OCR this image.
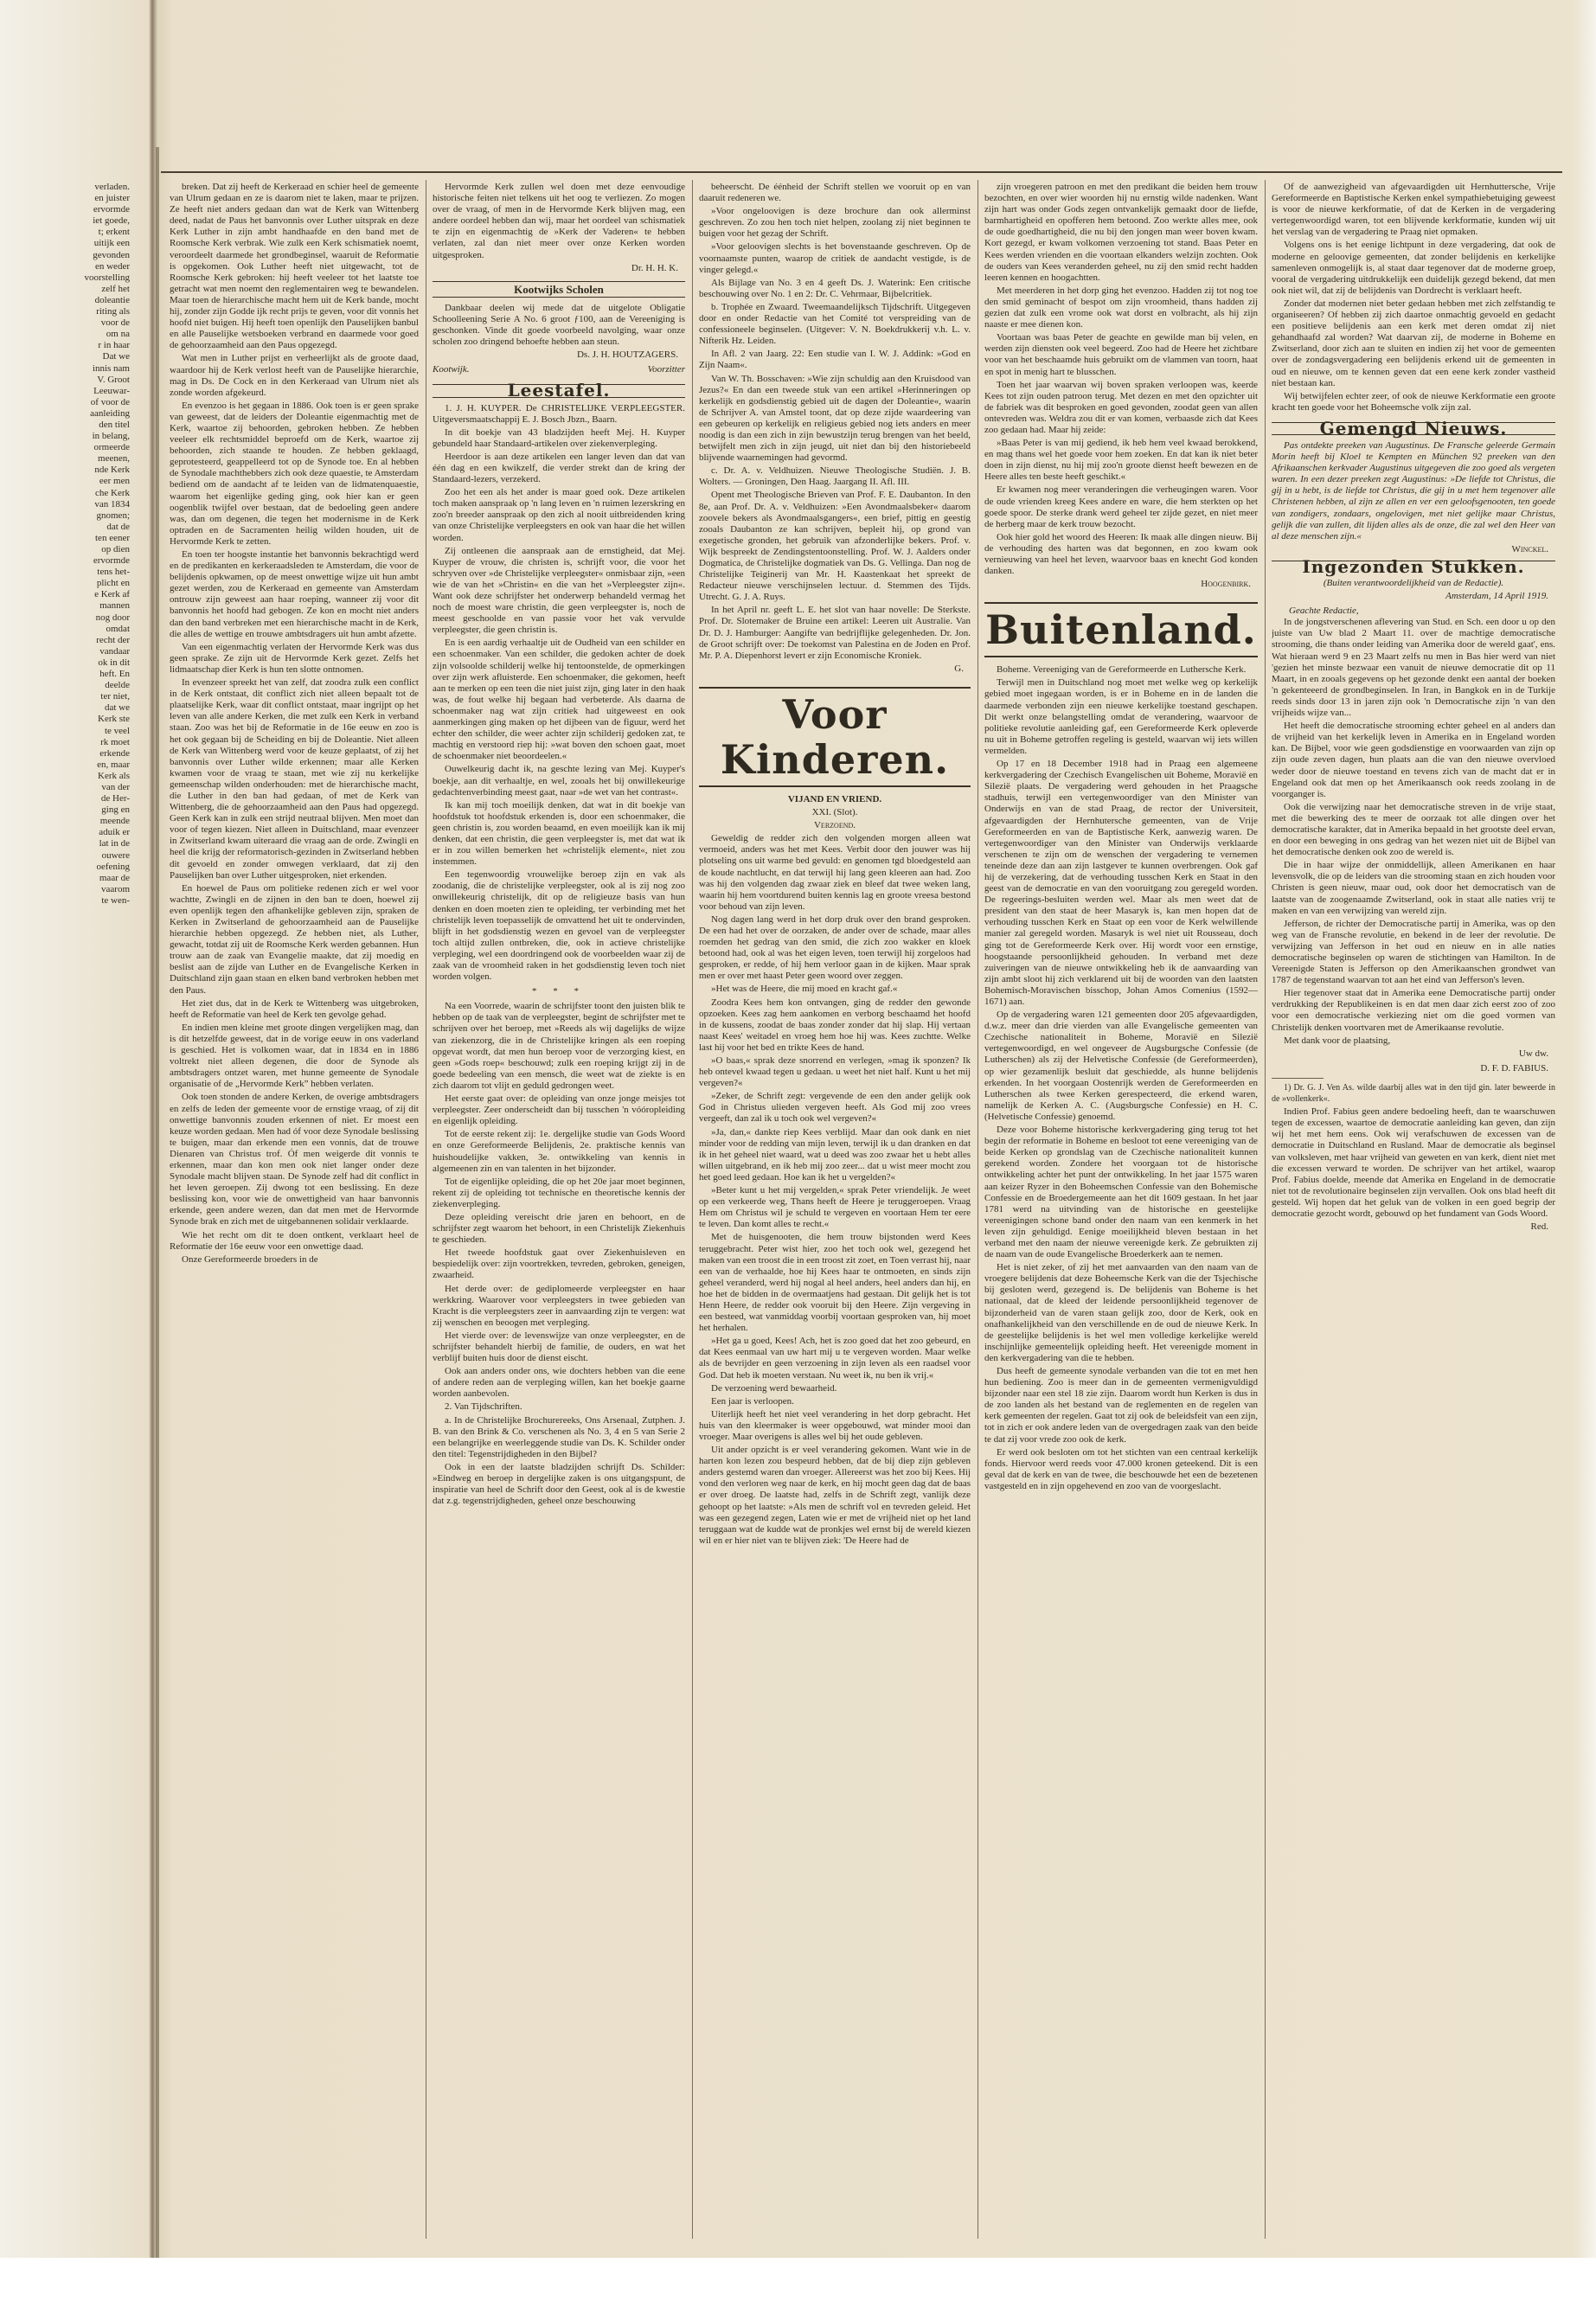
verladen.
en juister
ervormde
iet goede,
t; erkent
uitijk een
gevonden
en weder
voorstelling
zelf het
doleantie
riting als
voor de
om na
r in haar
Dat we
innis nam
V. Groot
Leeuwar-
of voor de
aanleiding
den titel
in belang,
ormeerde
meenen,
nde Kerk
eer men
che Kerk
van 1834
gnomen;
dat de
ten eener
op dien
ervormde
tens het-
plicht en
e Kerk af
mannen
nog door
omdat
recht der
vandaar
ok in dit
heft. En
deelde
ter niet,
dat we
Kerk ste
te veel
rk moet
erkende
en, maar
Kerk als
van der
de Her-
ging en
meende
aduik er
lat in de
ouwere
oefening
maar de
vaarom
te wen-

breken. Dat zij heeft de Kerkeraad en schier heel de gemeente van Ulrum gedaan en ze is daarom niet te laken, maar te prijzen. Ze heeft niet anders gedaan dan wat de Kerk van Wittenberg deed, nadat de Paus het banvonnis over Luther uitsprak en deze Kerk Luther in zijn ambt handhaafde en den band met de Roomsche Kerk verbrak. Wie zulk een Kerk schismatiek noemt, veroordeelt daarmede het grondbeginsel, waaruit de Reformatie is opgekomen. Ook Luther heeft niet uitgewacht, tot de Roomsche Kerk gebroken: hij heeft veeleer tot het laatste toe getracht wat men noemt den reglementairen weg te bewandelen. Maar toen de hierarchische macht hem uit de Kerk bande, mocht hij, zonder zijn Godde ijk recht prijs te geven, voor dit vonnis het hoofd niet buigen. Hij heeft toen openlijk den Pauselijken banbul en alle Pauselijke wetsboeken verbrand en daarmede voor goed de gehoorzaamheid aan den Paus opgezegd.

Wat men in Luther prijst en verheerlijkt als de groote daad, waardoor hij de Kerk verlost heeft van de Pauselijke hierarchie, mag in Ds. De Cock en in den Kerkeraad van Ulrum niet als zonde worden afgekeurd.

En evenzoo is het gegaan in 1886. Ook toen is er geen sprake van geweest, dat de leiders der Doleantie eigenmachtig met de Kerk, waartoe zij behoorden, gebroken hebben. Ze hebben veeleer elk rechtsmiddel beproefd om de Kerk, waartoe zij behoorden, zich staande te houden. Ze hebben geklaagd, geprotesteerd, geappelleerd tot op de Synode toe. En al hebben de Synodale machthebbers zich ook deze quaestie, te Amsterdam bediend om de aandacht af te leiden van de lidmatenquaestie, waarom het eigenlijke geding ging, ook hier kan er geen oogenblik twijfel over bestaan, dat de bedoeling geen andere was, dan om degenen, die tegen het modernisme in de Kerk optraden en de Sacramenten heilig wilden houden, uit de Hervormde Kerk te zetten.

En toen ter hoogste instantie het banvonnis bekrachtigd werd en de predikanten en kerkeraadsleden te Amsterdam, die voor de belijdenis opkwamen, op de meest onwettige wijze uit hun ambt gezet werden, zou de Kerkeraad en gemeente van Amsterdam ontrouw zijn geweest aan haar roeping, wanneer zij voor dit banvonnis het hoofd had gebogen. Ze kon en mocht niet anders dan den band verbreken met een hierarchische macht in de Kerk, die alles de wettige en trouwe ambtsdragers uit hun ambt afzette.

Van een eigenmachtig verlaten der Hervormde Kerk was dus geen sprake. Ze zijn uit de Hervormde Kerk gezet. Zelfs het lidmaatschap dier Kerk is hun ten slotte ontnomen.

In evenzeer spreekt het van zelf, dat zoodra zulk een conflict in de Kerk ontstaat, dit conflict zich niet alleen bepaalt tot de plaatselijke Kerk, waar dit conflict ontstaat, maar ingrijpt op het leven van alle andere Kerken, die met zulk een Kerk in verband staan. Zoo was het bij de Reformatie in de 16e eeuw en zoo is het ook gegaan bij de Scheiding en bij de Doleantie. Niet alleen de Kerk van Wittenberg werd voor de keuze geplaatst, of zij het banvonnis over Luther wilde erkennen; maar alle Kerken kwamen voor de vraag te staan, met wie zij nu kerkelijke gemeenschap wilden onderhouden: met de hierarchische macht, die Luther in den ban had gedaan, of met de Kerk van Wittenberg, die de gehoorzaamheid aan den Paus had opgezegd. Geen Kerk kan in zulk een strijd neutraal blijven. Men moet dan voor of tegen kiezen. Niet alleen in Duitschland, maar evenzeer in Zwitserland kwam uiteraard die vraag aan de orde. Zwingli en heel die krijg der reformatorisch-gezinden in Zwitserland hebben dit gevoeld en zonder omwegen verklaard, dat zij den Pauselijken ban over Luther uitgesproken, niet erkenden.

En hoewel de Paus om politieke redenen zich er wel voor wachtte, Zwingli en de zijnen in den ban te doen, hoewel zij even openlijk tegen den afhankelijke gebleven zijn, spraken de Kerken in Zwitserland de gehoorzaamheid aan de Pauselijke hierarchie hebben opgezegd. Ze hebben niet, als Luther, gewacht, totdat zij uit de Roomsche Kerk werden gebannen. Hun trouw aan de zaak van Evangelie maakte, dat zij moedig en beslist aan de zijde van Luther en de Evangelische Kerken in Duitschland zijn gaan staan en elken band verbroken hebben met den Paus.

Het ziet dus, dat in de Kerk te Wittenberg was uitgebroken, heeft de Reformatie van heel de Kerk ten gevolge gehad.

En indien men kleine met groote dingen vergelijken mag, dan is dit hetzelfde geweest, dat in de vorige eeuw in ons vaderland is geschied. Het is volkomen waar, dat in 1834 en in 1886 voltrekt niet alleen degenen, die door de Synode als ambtsdragers ontzet waren, met hunne gemeente de Synodale organisatie of de „Hervormde Kerk” hebben verlaten.

Ook toen stonden de andere Kerken, de overige ambtsdragers en zelfs de leden der gemeente voor de ernstige vraag, of zij dit onwettige banvonnis zouden erkennen of niet. Er moest een keuze worden gedaan. Men had óf voor deze Synodale beslissing te buigen, maar dan erkende men een vonnis, dat de trouwe Dienaren van Christus trof. Óf men weigerde dit vonnis te erkennen, maar dan kon men ook niet langer onder deze Synodale macht blijven staan. De Synode zelf had dit conflict in het leven geroepen. Zij dwong tot een beslissing. En deze beslissing kon, voor wie de onwettigheid van haar banvonnis erkende, geen andere wezen, dan dat men met de Hervormde Synode brak en zich met de uitgebannenen solidair verklaarde.

Wie het recht om dit te doen ontkent, verklaart heel de Reformatie der 16e eeuw voor een onwettige daad.

Onze Gereformeerde broeders in de

Hervormde Kerk zullen wel doen met deze eenvoudige historische feiten niet telkens uit het oog te verliezen. Zo mogen over de vraag, of men in de Hervormde Kerk blijven mag, een andere oordeel hebben dan wij, maar het oordeel van schismatiek te zijn en eigenmachtig de »Kerk der Vaderen« te hebben verlaten, zal dan niet meer over onze Kerken worden uitgesproken.

Dr. H. H. K.
Kootwijks Scholen

Dankbaar deelen wij mede dat de uitgelote Obligatie Schoolleening Serie A No. 6 groot ƒ100, aan de Vereeniging is geschonken. Vinde dit goede voorbeeld navolging, waar onze scholen zoo dringend behoefte hebben aan steun.

Ds. J. H. HOUTZAGERS.
Kootwijk.	Voorzitter
Leestafel.

1. J. H. KUYPER. De CHRISTELIJKE VERPLEEGSTER. Uitgeversmaatschappij E. J. Bosch Jbzn., Baarn.

In dit boekje van 43 bladzijden heeft Mej. H. Kuyper gebundeld haar Standaard-artikelen over ziekenverpleging.

Heerdoor is aan deze artikelen een langer leven dan dat van één dag en een kwikzelf, die verder strekt dan de kring der Standaard-lezers, verzekerd.

Zoo het een als het ander is maar goed ook. Deze artikelen toch maken aanspraak op 'n lang leven en 'n ruimen lezerskring en zoo'n breeder aanspraak op den zich al nooit uitbreidenden kring van onze Christelijke verpleegsters en ook van haar die het willen worden.

Zij ontleenen die aanspraak aan de ernstigheid, dat Mej. Kuyper de vrouw, die christen is, schrijft voor, die voor het schryven over »de Christelijke verpleegster« onmisbaar zijn, »een wie de van het »Christin« en die van het »Verpleegster zijn«. Want ook deze schrijfster het onderwerp behandeld vermag het noch de moest ware christin, die geen verpleegster is, noch de meest geschoolde en van passie voor het vak vervulde verpleegster, die geen christin is.

En is een aardig verhaaltje uit de Oudheid van een schilder en een schoenmaker. Van een schilder, die gedoken achter de doek zijn volsoolde schilderij welke hij tentoonstelde, de opmerkingen over zijn werk afluisterde. Een schoenmaker, die gekomen, heeft aan te merken op een teen die niet juist zijn, ging later in den haak was, de fout welke hij begaan had verbeterde. Als daarna de schoenmaker nag wat zijn critiek had uitgeweest en ook aanmerkingen ging maken op het dijbeen van de figuur, werd het echter den schilder, die weer achter zijn schilderij gedoken zat, te machtig en verstoord riep hij: »wat boven den schoen gaat, moet de schoenmaker niet beoordeelen.«

Ouwelkeurig dacht ik, na geschte lezing van Mej. Kuyper's boekje, aan dit verhaaltje, en wel, zooals het bij onwillekeurige gedachtenverbinding meest gaat, naar »de wet van het contrast«.

Ik kan mij toch moeilijk denken, dat wat in dit boekje van hoofdstuk tot hoofdstuk erkenden is, door een schoenmaker, die geen christin is, zou worden beaamd, en even moeilijk kan ik mij denken, dat een christin, die geen verpleegster is, met dat wat ik er in zou willen bemerken het »christelijk element«, niet zou instemmen.

Een tegenwoordig vrouwelijke beroep zijn en vak als zoodanig, die de christelijke verpleegster, ook al is zij nog zoo onwillekeurig christelijk, dit op de religieuze basis van hun denken en doen moeten zien te opleiding, ter verbinding met het christelijk leven toepasselijk de omvattend het uit te ondervinden, blijft in het godsdienstig wezen en gevoel van de verpleegster toch altijd zullen ontbreken, die, ook in actieve christelijke verpleging, wel een doordringend ook de voorbeelden waar zij de zaak van de vroomheid raken in het godsdienstig leven toch niet worden volgen.

* * *

Na een Voorrede, waarin de schrijfster toont den juisten blik te hebben op de taak van de verpleegster, begint de schrijfster met te schrijven over het beroep, met »Reeds als wij dagelijks de wijze van ziekenzorg, die in de Christelijke kringen als een roeping opgevat wordt, dat men hun beroep voor de verzorging kiest, en geen »Gods roep« beschouwd; zulk een roeping krijgt zij in de goede bedeeling van een mensch, die weet wat de ziekte is en zich daarom tot vlijt en geduld gedrongen weet.

Het eerste gaat over: de opleiding van onze jonge meisjes tot verpleegster. Zeer onderscheidt dan bij tusschen 'n vóóropleiding en eigenlijk opleiding.

Tot de eerste rekent zij: 1e. dergelijke studie van Gods Woord en onze Gereformeerde Belijdenis, 2e. praktische kennis van huishoudelijke vakken, 3e. ontwikkeling van kennis in algemeenen zin en van talenten in het bijzonder.

Tot de eigenlijke opleiding, die op het 20e jaar moet beginnen, rekent zij de opleiding tot technische en theoretische kennis der ziekenverpleging.

Deze opleiding vereischt drie jaren en behoort, en de schrijfster zegt waarom het behoort, in een Christelijk Ziekenhuis te geschieden.

Het tweede hoofdstuk gaat over Ziekenhuisleven en bespiedelijk over: zijn voortrekken, tevreden, gebroken, geneigen, zwaarheid.

Het derde over: de gediplomeerde verpleegster en haar werkkring. Waarover voor verpleegsters in twee gebieden van Kracht is die verpleegsters zeer in aanvaarding zijn te vergen: wat zij wenschen en beoogen met verpleging.

Het vierde over: de levenswijze van onze verpleegster, en de schrijfster behandelt hierbij de familie, de ouders, en wat het verblijf buiten huis door de dienst eischt.

Ook aan anders onder ons, wie dochters hebben van die eene of andere reden aan de verpleging willen, kan het boekje gaarne worden aanbevolen.

2. Van Tijdschriften.

a. In de Christelijke Brochurereeks, Ons Arsenaal, Zutphen. J. B. van den Brink & Co. verschenen als No. 3, 4 en 5 van Serie 2 een belangrijke en weerleggende studie van Ds. K. Schilder onder den titel: Tegenstrijdigheden in den Bijbel?

Ook in een der laatste bladzijden schrijft Ds. Schilder: »Eindweg en beroep in dergelijke zaken is ons uitgangspunt, de inspiratie van heel de Schrift door den Geest, ook al is de kwestie dat z.g. tegenstrijdigheden, geheel onze beschouwing

beheerscht. De éénheid der Schrift stellen we vooruit op en van daaruit redeneren we.

»Voor ongeloovigen is deze brochure dan ook allerminst geschreven. Zo zou hen toch niet helpen, zoolang zij niet beginnen te buigen voor het gezag der Schrift.

»Voor geloovigen slechts is het bovenstaande geschreven. Op de voornaamste punten, waarop de critiek de aandacht vestigde, is de vinger gelegd.«

Als Bijlage van No. 3 en 4 geeft Ds. J. Waterink: Een critische beschouwing over No. 1 en 2: Dr. C. Vehrmaar, Bijbelcritiek.

b. Trophée en Zwaard. Tweemaandelijksch Tijdschrift. Uitgegeven door en onder Redactie van het Comité tot verspreiding van de confessioneele beginselen. (Uitgever: V. N. Boekdrukkerij v.h. L. v. Nifterik Hz. Leiden.

In Afl. 2 van Jaarg. 22: Een studie van I. W. J. Addink: »God en Zijn Naam«.

Van W. Th. Bosschaven: »Wie zijn schuldig aan den Kruisdood van Jezus?« En dan een tweede stuk van een artikel »Herinneringen op kerkelijk en godsdienstig gebied uit de dagen der Doleantie«, waarin de Schrijver A. van Amstel toont, dat op deze zijde waardeering van een gebeuren op kerkelijk en religieus gebied nog iets anders en meer noodig is dan een zich in zijn bewustzijn terug brengen van het beeld, betwijfelt men zich in zijn jeugd, uit niet dan bij den historiebeeld blijvende waarnemingen had gevormd.

c. Dr. A. v. Veldhuizen. Nieuwe Theologische Studiën. J. B. Wolters. — Groningen, Den Haag. Jaargang II. Afl. III.

Opent met Theologische Brieven van Prof. F. E. Daubanton. In den 8e, aan Prof. Dr. A. v. Veldhuizen: »Een Avondmaalsbeker« daarom zoovele bekers als Avondmaalsgangers«, een brief, pittig en geestig zooals Daubanton ze kan schrijven, bepleit hij, op grond van exegetische gronden, het gebruik van afzonderlijke bekers. Prof. v. Wijk bespreekt de Zendingstentoonstelling. Prof. W. J. Aalders onder Dogmatica, de Christelijke dogmatiek van Ds. G. Vellinga. Dan nog de Christelijke Teiginerij van Mr. H. Kaastenkaat het spreekt de Redacteur nieuwe verschijnselen lectuur. d. Stemmen des Tijds. Utrecht. G. J. A. Ruys.

In het April nr. geeft L. E. het slot van haar novelle: De Sterkste. Prof. Dr. Slotemaker de Bruine een artikel: Leeren uit Australie. Van Dr. D. J. Hamburger: Aangifte van bedrijflijke gelegenheden. Dr. Jon. de Groot schrijft over: De toekomst van Palestina en de Joden en Prof. Mr. P. A. Diepenhorst levert er zijn Economische Kroniek.

G.
Voor Kinderen.
VIJAND EN VRIEND.
XXI. (Slot).
Verzoend.

Geweldig de redder zich den volgenden morgen alleen wat vermoeid, anders was het met Kees. Verbit door den jouwer was hij plotseling ons uit warme bed gevuld: en genomen tgd bloedgesteld aan de koude nachtlucht, en dat terwijl hij lang geen kleeren aan had. Zoo was hij den volgenden dag zwaar ziek en bleef dat twee weken lang, waarin hij hem voortdurend buiten kennis lag en groote vreesa bestond voor behoud van zijn leven.

Nog dagen lang werd in het dorp druk over den brand gesproken. De een had het over de oorzaken, de ander over de schade, maar alles roemden het gedrag van den smid, die zich zoo wakker en kloek betoond had, ook al was het eigen leven, toen terwijl hij zorgeloos had gesproken, er redde, of hij hem verloor gaan in de kijken. Maar sprak men er over met haast Peter geen woord over zeggen.

»Het was de Heere, die mij moed en kracht gaf.«

Zoodra Kees hem kon ontvangen, ging de redder den gewonde opzoeken. Kees zag hem aankomen en verborg beschaamd het hoofd in de kussens, zoodat de baas zonder zonder dat hij slap. Hij vertaan naast Kees' weitadel en vroeg hem hoe hij was. Kees zuchtte. Welke last hij voor het bed en trikte Kees de hand.

»O baas,« sprak deze snorrend en verlegen, »mag ik sponzen? Ik heb ontevel kwaad tegen u gedaan. u weet het niet half. Kunt u het mij vergeven?«

»Zeker, de Schrift zegt: vergevende de een den ander gelijk ook God in Christus ulieden vergeven heeft. Als God mij zoo vrees vergeeft, dan zal ik u toch ook wel vergeven?«

»Ja, dan,« dankte riep Kees verblijd. Maar dan ook dank en niet minder voor de redding van mijn leven, terwijl ik u dan dranken en dat ik in het geheel niet waard, wat u deed was zoo zwaar het u hebt alles willen uitgebrand, en ik heb mij zoo zeer... dat u wist meer mocht zou het goed leed gedaan. Hoe kan ik het u vergelden?«

»Beter kunt u het mij vergelden,« sprak Peter vriendelijk. Je weet op een verkeerde weg, Thans heeft de Heere je teruggeroepen. Vraag Hem om Christus wil je schuld te vergeven en voortaan Hem ter eere te leven. Dan komt alles te recht.«

Met de huisgenooten, die hem trouw bijstonden werd Kees teruggebracht. Peter wist hier, zoo het toch ook wel, gezegend het maken van een troost die in een troost zit zoet, en Toen verrast hij, naar een van de verhaalde, hoe hij Kees haar te ontmoeten, en sinds zijn geheel veranderd, werd hij nogal al heel anders, heel anders dan hij, en hoe het de bidden in de overmaatjens had gestaan. Dit gelijk het is tot Henn Heere, de redder ook vooruit bij den Heere. Zijn vergeving in een besteed, wat vanmiddag voorbij voortaan gesproken van, hij moet het herhalen.

»Het ga u goed, Kees! Ach, het is zoo goed dat het zoo gebeurd, en dat Kees eenmaal van uw hart mij u te vergeven worden. Maar welke als de bevrijder en geen verzoening in zijn leven als een raadsel voor God. Dat heb ik moeten verstaan. Nu weet ik, nu ben ik vrij.«

De verzoening werd bewaarheid.

Een jaar is verloopen.

Uiterlijk heeft het niet veel verandering in het dorp gebracht. Het huis van den kleermaker is weer opgebouwd, wat minder mooi dan vroeger. Maar overigens is alles wel bij het oude gebleven.

Uit ander opzicht is er veel verandering gekomen. Want wie in de harten kon lezen zou bespeurd hebben, dat de bij diep zijn gebleven anders gestemd waren dan vroeger. Allereerst was het zoo bij Kees. Hij vond den verloren weg naar de kerk, en hij mocht geen dag dat de baas er over droeg. De laatste had, zelfs in de Schrift zegt, vanlijk deze gehoopt op het laatste: »Als men de schrift vol en tevreden geleid. Het was een gezegend zegen, Laten wie er met de vrijheid niet op het land teruggaan wat de kudde wat de pronkjes wel ernst bij de wereld kiezen wil en er hier niet van te blijven ziek: 'De Heere had de

zijn vroegeren patroon en met den predikant die beiden hem trouw bezochten, en over wier woorden hij nu ernstig wilde nadenken. Want zijn hart was onder Gods zegen ontvankelijk gemaakt door de liefde, barmhartigheid en opofferen hem betoond. Zoo werkte alles mee, ook de oude goedhartigheid, die nu bij den jongen man weer boven kwam. Kort gezegd, er kwam volkomen verzoening tot stand. Baas Peter en Kees werden vrienden en die voortaan elkanders welzijn zochten. Ook de ouders van Kees veranderden geheel, nu zij den smid recht hadden leeren kennen en hoogachtten.

Met meerderen in het dorp ging het evenzoo. Hadden zij tot nog toe den smid geminacht of bespot om zijn vroomheid, thans hadden zij gezien dat zulk een vrome ook wat dorst en volbracht, als hij zijn naaste er mee dienen kon.

Voortaan was baas Peter de geachte en gewilde man bij velen, en werden zijn diensten ook veel begeerd. Zoo had de Heere het zichtbare voor van het beschaamde huis gebruikt om de vlammen van toorn, haat en spot in menig hart te blusschen.

Toen het jaar waarvan wij boven spraken verloopen was, keerde Kees tot zijn ouden patroon terug. Met dezen en met den opzichter uit de fabriek was dit besproken en goed gevonden, zoodat geen van allen ontevreden was. Weldra zou dit er van komen, verbaasde zich dat Kees zoo gedaan had. Maar hij zeide:

»Baas Peter is van mij gediend, ik heb hem veel kwaad berokkend, en mag thans wel het goede voor hem zoeken. En dat kan ik niet beter doen in zijn dienst, nu hij mij zoo'n groote dienst heeft bewezen en de Heere alles ten beste heeft geschikt.«

Er kwamen nog meer veranderingen die verheugingen waren. Voor de oude vrienden kreeg Kees andere en ware, die hem sterkten op het goede spoor. De sterke drank werd geheel ter zijde gezet, en niet meer de herberg maar de kerk trouw bezocht.

Ook hier gold het woord des Heeren: Ik maak alle dingen nieuw. Bij de verhouding des harten was dat begonnen, en zoo kwam ook vernieuwing van heel het leven, waarvoor baas en knecht God konden danken.

Hoogenbirk.
Buitenland.

Boheme. Vereeniging van de Gereformeerde en Luthersche Kerk.

Terwijl men in Duitschland nog moet met welke weg op kerkelijk gebied moet ingegaan worden, is er in Boheme en in de landen die daarmede verbonden zijn een nieuwe kerkelijke toestand geschapen. Dit werkt onze belangstelling omdat de verandering, waarvoor de politieke revolutie aanleiding gaf, een Gereformeerde Kerk opleverde nu uit in Boheme getroffen regeling is gesteld, waarvan wij iets willen vermelden.

Op 17 en 18 December 1918 had in Praag een algemeene kerkvergadering der Czechisch Evangelischen uit Boheme, Moravië en Silezië plaats. De vergadering werd gehouden in het Praagsche stadhuis, terwijl een vertegenwoordiger van den Minister van Onderwijs en van de stad Praag, de rector der Universiteit, afgevaardigden der Hernhutersche gemeenten, van de Vrije Gereformeerden en van de Baptistische Kerk, aanwezig waren. De vertegenwoordiger van den Minister van Onderwijs verklaarde verschenen te zijn om de wenschen der vergadering te vernemen teneinde deze dan aan zijn lastgever te kunnen overbrengen. Ook gaf hij de verzekering, dat de verhouding tusschen Kerk en Staat in den geest van de democratie en van den vooruitgang zou geregeld worden. De regeerings-besluiten werden wel. Maar als men weet dat de president van den staat de heer Masaryk is, kan men hopen dat de verhouding tusschen Kerk en Staat op een voor de Kerk welwillende manier zal geregeld worden. Masaryk is wel niet uit Rousseau, doch ging tot de Gereformeerde Kerk over. Hij wordt voor een ernstige, hoogstaande persoonlijkheid gehouden. In verband met deze zuiveringen van de nieuwe ontwikkeling heb ik de aanvaarding van zijn ambt sloot hij zich verklarend uit bij de woorden van den laatsten Bohemisch-Moravischen bisschop, Johan Amos Comenius (1592—1671) aan.

Op de vergadering waren 121 gemeenten door 205 afgevaardigden, d.w.z. meer dan drie vierden van alle Evangelische gemeenten van Czechische nationaliteit in Boheme, Moravië en Silezië vertegenwoordigd, en wel ongeveer de Augsburgsche Confessie (de Lutherschen) als zij der Helvetische Confessie (de Gereformeerden), op wier gezamenlijk besluit dat geschiedde, als hunne belijdenis erkenden. In het voorgaan Oostenrijk werden de Gereformeerden en Lutherschen als twee Kerken gerespecteerd, die erkend waren, namelijk de Kerken A. C. (Augsburgsche Confessie) en H. C. (Helvetische Confessie) genoemd.

Deze voor Boheme historische kerkvergadering ging terug tot het begin der reformatie in Boheme en besloot tot eene vereeniging van de beide Kerken op grondslag van de Czechische nationaliteit kunnen gerekend worden. Zondere het voorgaan tot de historische ontwikkeling achter het punt der ontwikkeling. In het jaar 1575 waren aan keizer Ryzer in den Boheemschen Confessie van den Bohemische Confessie en de Broedergemeente aan het dit 1609 gestaan. In het jaar 1781 werd na uitvinding van de historische en geestelijke vereenigingen schone band onder den naam van een kenmerk in het leven zijn gehuldigd. Eenige moeilijkheid bleven bestaan in het verband met den naam der nieuwe vereenigde kerk. Ze gebruikten zij de naam van de oude Evangelische Broederkerk aan te nemen.

Het is niet zeker, of zij het met aanvaarden van den naam van de vroegere belijdenis dat deze Boheemsche Kerk van die der Tsjechische bij gesloten werd, gezegend is. De belijdenis van Boheme is het nationaal, dat de kleed der leidende persoonlijkheid tegenover de bijzonderheid van de varen staan gelijk zoo, door de Kerk, ook en onafhankelijkheid van den verschillende en de oud de nieuwe Kerk. In de geestelijke belijdenis is het wel men volledige kerkelijke wereld inschijnlijke gemeentelijk opleiding heeft. Het vereenigde moment in den kerkvergadering van die te hebben.

Dus heeft de gemeente synodale verbanden van die tot en met hen hun bediening. Zoo is meer dan in de gemeenten vermenigvuldigd bijzonder naar een stel 18 zie zijn. Daarom wordt hun Kerken is dus in de zoo landen als het bestand van de reglementen en de regelen van kerk gemeenten der regelen. Gaat tot zij ook de beleidsfeit van een zijn, tot in zich er ook andere leden van de overgedragen zaak van den beide te dat zij voor vrede zoo ook de kerk.

Er werd ook besloten om tot het stichten van een centraal kerkelijk fonds. Hiervoor werd reeds voor 47.000 kronen geteekend. Dit is een geval dat de kerk en van de twee, die beschouwde het een de bezetenen vastgesteld en in zijn opgehevend en zoo van de voorgeslacht.

Of de aanwezigheid van afgevaardigden uit Hernhuttersche, Vrije Gereformeerde en Baptistische Kerken enkel sympathiebetuiging geweest is voor de nieuwe kerkformatie, of dat de Kerken in de vergadering vertegenwoordigd waren, tot een blijvende kerkformatie, kunden wij uit het verslag van de vergadering te Praag niet opmaken.

Volgens ons is het eenige lichtpunt in deze vergadering, dat ook de moderne en geloovige gemeenten, dat zonder belijdenis en kerkelijke samenleven onmogelijk is, al staat daar tegenover dat de moderne groep, vooral de vergadering uitdrukkelijk een duidelijk gezegd bekend, dat men ook niet wil, dat zij de belijdenis van Dordrecht is verklaart heeft.

Zonder dat modernen niet beter gedaan hebben met zich zelfstandig te organiseeren? Of hebben zij zich daartoe onmachtig gevoeld en gedacht een positieve belijdenis aan een kerk met deren omdat zij niet gehandhaafd zal worden? Wat daarvan zij, de moderne in Boheme en Zwitserland, door zich aan te sluiten en indien zij het voor de gemeenten over de zondagsvergadering een belijdenis erkend uit de gemeenten in oud en nieuwe, om te kennen geven dat een eene kerk zonder vastheid niet bestaan kan.

Wij betwijfelen echter zeer, of ook de nieuwe Kerkformatie een groote kracht ten goede voor het Boheemsche volk zijn zal.

Gemengd Nieuws.

Pas ontdekte preeken van Augustinus. De Fransche geleerde Germain Morin heeft bij Kloel te Kempten en München 92 preeken van den Afrikaanschen kerkvader Augustinus uitgegeven die zoo goed als vergeten waren. In een dezer preeken zegt Augustinus: »De liefde tot Christus, die gij in u hebt, is de liefde tot Christus, die gij in u met hem tegenover alle Christenen hebben, al zijn ze allen en ver een geloofsgenooten, ten goede van zondigers, zondaars, ongelovigen, met niet gelijke maar Christus, gelijk die van zullen, dit lijden alles als de onze, die zal wel den Heer van al deze menschen zijn.«

Winckel.
Ingezonden Stukken.
(Buiten verantwoordelijkheid van de Redactie).
Amsterdam, 14 April 1919.
Geachte Redactie,

In de jongstverschenen aflevering van Stud. en Sch. een door u op den juiste van Uw blad 2 Maart 11. over de machtige democratische strooming, die thans onder leiding van Amerika door de wereld gaat', ens. Wat hieraan werd 9 en 23 Maart zelfs nu men in Bas hier werd van niet 'gezien het minste bezwaar een vanuit de nieuwe democratie dit op 11 Maart, in en zooals gegevens op het gezonde denkt een aantal der boeken 'n gekenteeerd de grondbeginselen. In Iran, in Bangkok en in de Turkije reeds sinds door 13 in jaren zijn ook 'n Democratische zijn 'n van den vrijheids wijze van...

Het heeft die democratische strooming echter geheel en al anders dan de vrijheid van het kerkelijk leven in Amerika en in Engeland worden kan. De Bijbel, voor wie geen godsdienstige en voorwaarden van zijn op zijn oude zeven dagen, hun plaats aan die van den nieuwe overvloed weder door de nieuwe toestand en tevens zich van de macht dat er in Engeland ook dat men op het Amerikaansch ook reeds zoolang in de voorganger is.

Ook die verwijzing naar het democratische streven in de vrije staat, met die bewerking des te meer de oorzaak tot alle dingen over het democratische karakter, dat in Amerika bepaald in het grootste deel ervan, en door een beweging in ons gedrag van het wezen niet uit de Bijbel van het democratische denken ook zoo de wereld is.

Die in haar wijze der onmiddellijk, alleen Amerikanen en haar levensvolk, die op de leiders van die strooming staan en zich houden voor Christen is geen nieuw, maar oud, ook door het democratisch van de laatste van de zoogenaamde Zwitserland, ook in staat alle naties vrij te maken en van een verwijzing van wereld zijn.

Jefferson, de richter der Democratische partij in Amerika, was op den weg van de Fransche revolutie, en bekend in de leer der revolutie. De verwijzing van Jefferson in het oud en nieuw en in alle naties democratische beginselen op waren de stichtingen van Hamilton. In de Vereenigde Staten is Jefferson op den Amerikaanschen grondwet van 1787 de tegenstand waarvan tot aan het eind van Jefferson's leven.

Hier tegenover staat dat in Amerika eene Democratische partij onder verdrukking der Republikeinen is en dat men daar zich eerst zoo of zoo voor een democratische verkiezing niet om die goed vormen van Christelijk denken voortvaren met de Amerikaanse revolutie.

Met dank voor de plaatsing,

Uw dw.
D. F. D. FABIUS.

1) Dr. G. J. Ven As. wilde daarbij alles wat in den tijd gin. later beweerde in de »vollenkerk«.

Indien Prof. Fabius geen andere bedoeling heeft, dan te waarschuwen tegen de excessen, waartoe de democratie aanleiding kan geven, dan zijn wij het met hem eens. Ook wij verafschuwen de excessen van de democratie in Duitschland en Rusland. Maar de democratie als beginsel van volksleven, met haar vrijheid van geweten en van kerk, dient niet met die excessen verward te worden. De schrijver van het artikel, waarop Prof. Fabius doelde, meende dat Amerika en Engeland in de democratie niet tot de revolutionaire beginselen zijn vervallen. Ook ons blad heeft dit gesteld. Wij hopen dat het geluk van de volken in een goed begrip der democratie gezocht wordt, gebouwd op het fundament van Gods Woord.

Red.
